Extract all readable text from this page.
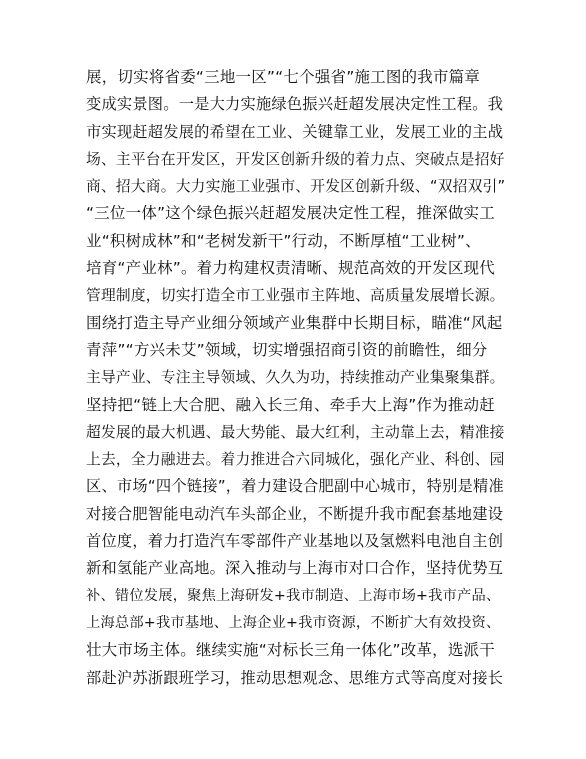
展，切实将省委“三地一区”“七个强省”施工图的我市篇章
变成实景图。一是大力实施绿色振兴赶超发展决定性工程。我
市实现赶超发展的希望在工业、关键靠工业，发展工业的主战
场、主平台在开发区，开发区创新升级的着力点、突破点是招好
商、招大商。大力实施工业强市、开发区创新升级、“双招双引”
“三位一体”这个绿色振兴赶超发展决定性工程，推深做实工
业“积树成林”和“老树发新干”行动，不断厚植“工业树”、
培育“产业林”。着力构建权责清晰、规范高效的开发区现代
管理制度，切实打造全市工业强市主阵地、高质量发展增长源。
围绕打造主导产业细分领域产业集群中长期目标，瞄准“风起
青萍”“方兴未艾”领域，切实增强招商引资的前瞻性，细分
主导产业、专注主导领域、久久为功，持续推动产业集聚集群。
坚持把“链上大合肥、融入长三角、牵手大上海”作为推动赶
超发展的最大机遇、最大势能、最大红利，主动靠上去，精准接
上去，全力融进去。着力推进合六同城化，强化产业、科创、园
区、市场“四个链接”，着力建设合肥副中心城市，特别是精准
对接合肥智能电动汽车头部企业，不断提升我市配套基地建设
首位度，着力打造汽车零部件产业基地以及氢燃料电池自主创
新和氢能产业高地。深入推动与上海市对口合作，坚持优势互
补、错位发展，聚焦上海研发+我市制造、上海市场+我市产品、
上海总部+我市基地、上海企业+我市资源，不断扩大有效投资、
壮大市场主体。继续实施“对标长三角一体化”改革，选派干
部赴沪苏浙跟班学习，推动思想观念、思维方式等高度对接长
